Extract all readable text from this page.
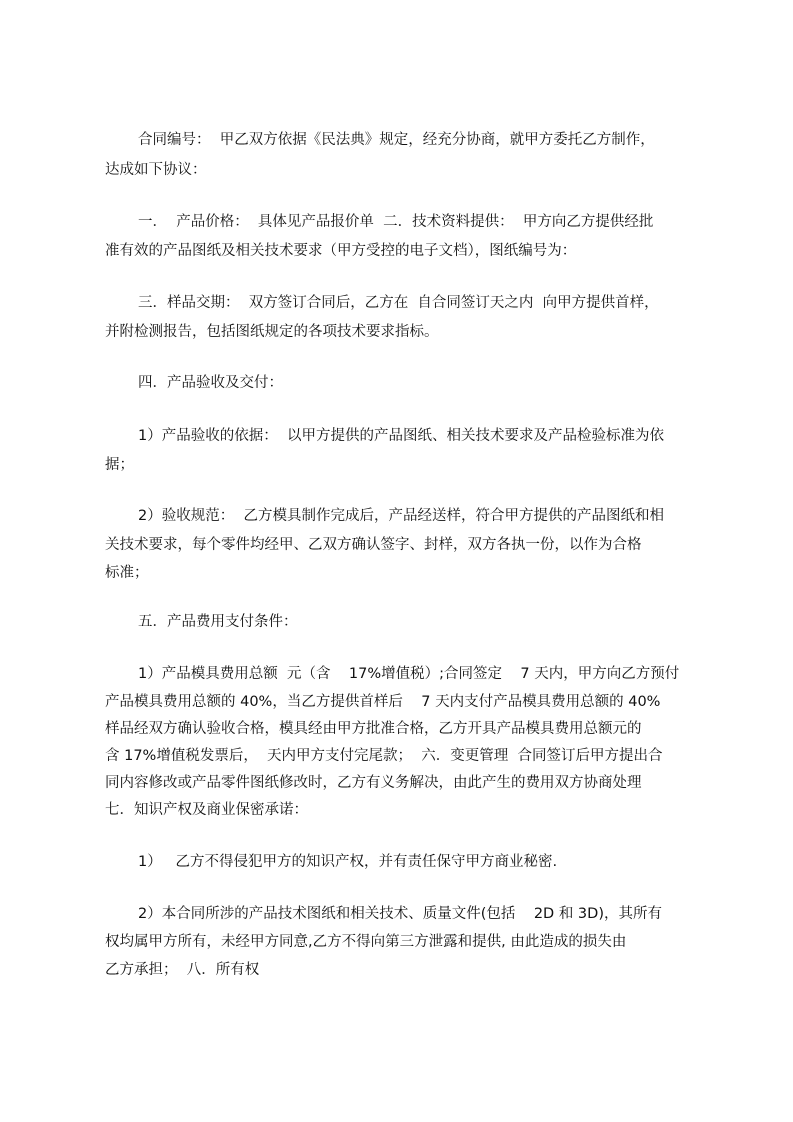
合同编号：  甲乙双方依据《民法典》规定，经充分协商，就甲方委托乙方制作，
达成如下协议：
一．  产品价格：  具体见产品报价单  二．技术资料提供：  甲方向乙方提供经批
准有效的产品图纸及相关技术要求（甲方受控的电子文档），图纸编号为：
三．样品交期：  双方签订合同后，乙方在  自合同签订天之内  向甲方提供首样，
并附检测报告，包括图纸规定的各项技术要求指标。
四．产品验收及交付：
1）产品验收的依据：  以甲方提供的产品图纸、相关技术要求及产品检验标准为依
据；
2）验收规范：  乙方模具制作完成后，产品经送样，符合甲方提供的产品图纸和相
关技术要求，每个零件均经甲、乙双方确认签字、封样，双方各执一份，以作为合格
标准；
五．产品费用支付条件：
1）产品模具费用总额  元（含    17%增值税）;合同签定    7 天内，甲方向乙方预付
产品模具费用总额的 40%，当乙方提供首样后    7 天内支付产品模具费用总额的 40%
样品经双方确认验收合格，模具经由甲方批准合格，乙方开具产品模具费用总额元的
含 17%增值税发票后，  天内甲方支付完尾款；  六．变更管理  合同签订后甲方提出合
同内容修改或产品零件图纸修改时，乙方有义务解决，由此产生的费用双方协商处理
七．知识产权及商业保密承诺：
1）   乙方不得侵犯甲方的知识产权，并有责任保守甲方商业秘密.
2）本合同所涉的产品技术图纸和相关技术、质量文件(包括    2D 和 3D)，其所有
权均属甲方所有，未经甲方同意,乙方不得向第三方泄露和提供, 由此造成的损失由
乙方承担；  八．所有权
